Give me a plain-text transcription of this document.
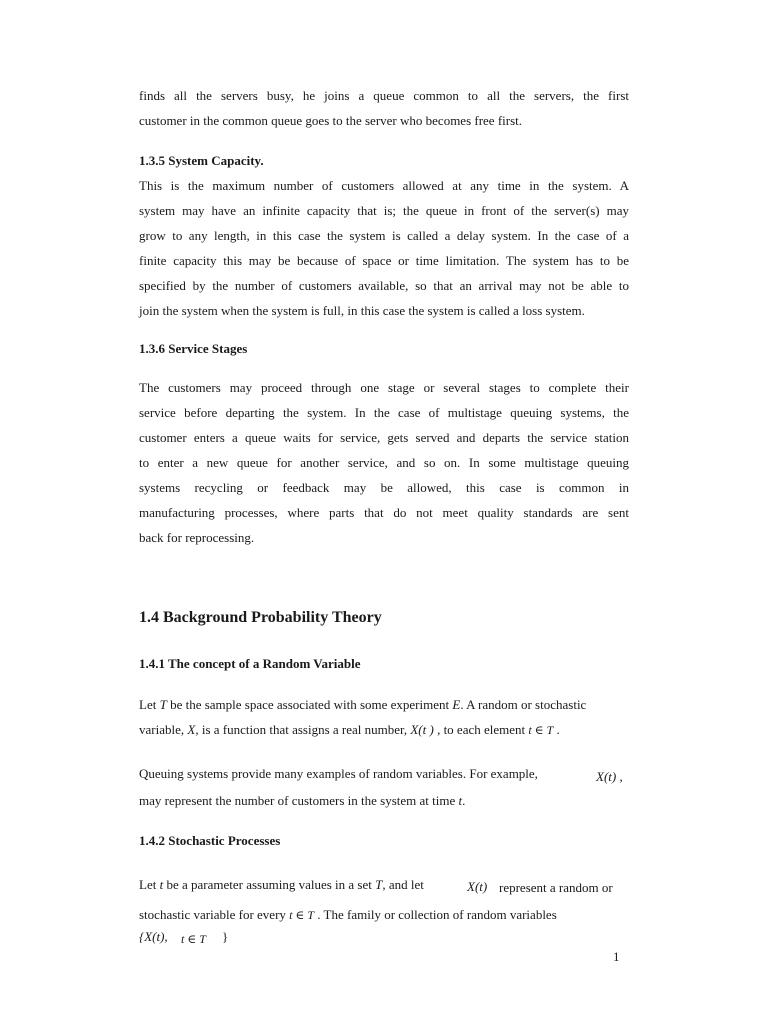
finds all the servers busy, he joins a queue common to all the servers, the first
customer in the common queue goes to the server who becomes free first.
1.3.5 System Capacity.
This is the maximum number of customers allowed at any time in the system. A
system may have an infinite capacity that is; the queue in front of the server(s) may
grow to any length, in this case the system is called a delay system. In the case of a
finite capacity this may be because of space or time limitation. The system has to be
specified by the number of customers available, so that an arrival may not be able to
join the system when the system is full, in this case the system is called a loss system.
1.3.6 Service Stages
The customers may proceed through one stage or several stages to complete their
service before departing the system. In the case of multistage queuing systems, the
customer enters a queue waits for service, gets served and departs the service station
to enter a new queue for another service, and so on. In some multistage queuing
systems recycling or feedback may be allowed, this case is common in
manufacturing processes, where parts that do not meet quality standards are sent
back for reprocessing.
1.4 Background Probability Theory
1.4.1 The concept of a Random Variable
Let T be the sample space associated with some experiment E. A random or stochastic
variable, X, is a function that assigns a real number, X(t ) , to each element t ∈ T .
Queuing systems provide many examples of random variables. For example,	X(t) ,
may represent the number of customers in the system at time t.
1.4.2 Stochastic Processes
Let t be a parameter assuming values in a set T, and let	X(t) represent a random or
stochastic variable for every t ∈ T . The family or collection of random variables
{X(t), t ∈ T }
1
